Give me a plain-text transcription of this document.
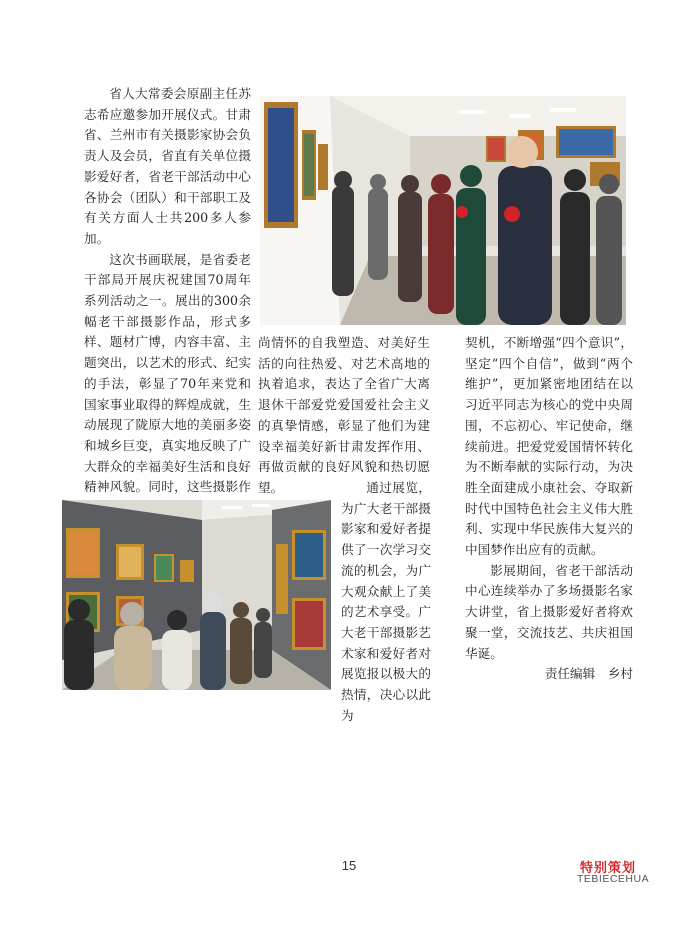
省人大常委会原副主任苏志希应邀参加开展仪式。甘肃省、兰州市有关摄影家协会负责人及会员，省直有关单位摄影爱好者，省老干部活动中心各协会（团队）和干部职工及有关方面人士共200多人参加。

这次书画联展，是省委老干部局开展庆祝建国70周年系列活动之一。展出的300余幅老干部摄影作品，形式多样、题材广博，内容丰富、主题突出，以艺术的形式、纪实的手法，彰显了70年来党和国家事业取得的辉煌成就，生动展现了陇原大地的美丽多姿和城乡巨变，真实地反映了广大群众的幸福美好生活和良好精神风貌。同时，这些摄影作

尚情怀的自我塑造、对美好生活的向往热爱、对艺术高地的执着追求，表达了全省广大离退休干部爱党爱国爱社会主义的真挚情感，彰显了他们为建设幸福美好新甘肃发挥作用、再做贡献的良好风貌和热切愿望。	通过展览，为广大老干部摄影家和爱好者提供了一次学习交流的机会，为广大观众献上了美的艺术享受。广大老干部摄影艺术家和爱好者对展览报以极大的热情，决心以此为

契机，不断增强“四个意识”，坚定“四个自信”，做到“两个维护”，更加紧密地团结在以习近平同志为核心的党中央周围，不忘初心、牢记使命，继续前进。把爱党爱国情怀转化为不断奉献的实际行动，为决胜全面建成小康社会、夺取新时代中国特色社会主义伟大胜利、实现中华民族伟大复兴的中国梦作出应有的贡献。

影展期间，省老干部活动中心连续举办了多场摄影名家大讲堂，省上摄影爱好者将欢聚一堂，交流技艺、共庆祖国华诞。

责任编辑　乡村

15	特别策划
TEBIECEHUA
